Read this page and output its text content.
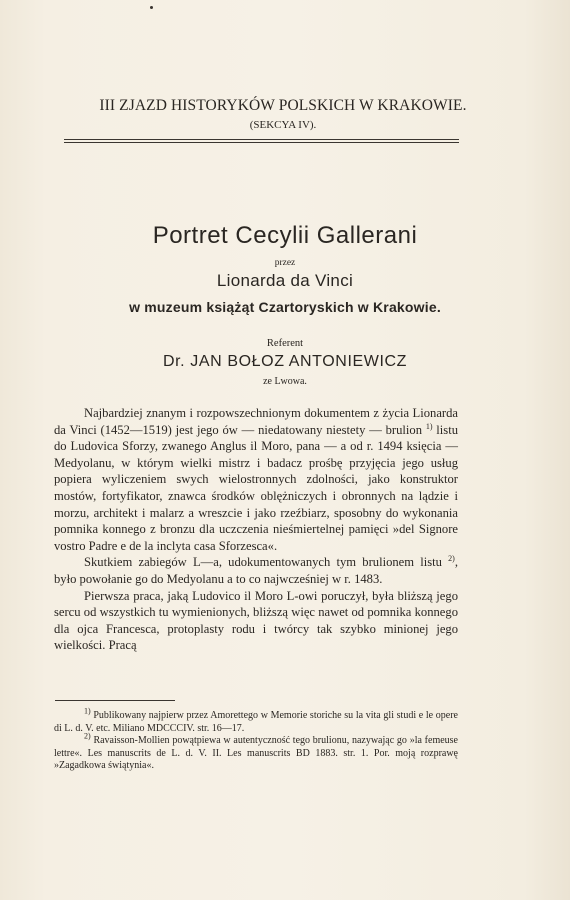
III ZJAZD HISTORYKÓW POLSKICH W KRAKOWIE.
(SEKCYA IV).
Portret Cecylii Gallerani
przez
Lionarda da Vinci
w muzeum książąt Czartoryskich w Krakowie.
Referent
Dr. JAN BOŁOZ ANTONIEWICZ
ze Lwowa.

Najbardziej znanym i rozpowszechnionym dokumentem z życia Lionarda da Vinci (1452—1519) jest jego ów — niedatowany niestety — brulion $^{1)}$ listu do Ludovica Sforzy, zwanego Anglus il Moro, pana — a od r. 1494 księcia —Medyolanu, w którym wielki mistrz i badacz prośbę przyjęcia jego usług popiera wyliczeniem swych wielostronnych zdolności, jako konstruktor mostów, fortyfikator, znawca środków oblężniczych i obronnych na lądzie i morzu, architekt i malarz a wreszcie i jako rzeźbiarz, sposobny do wykonania pomnika konnego z bronzu dla uczczenia nieśmiertelnej pamięci »del Signore vostro Padre e de la inclyta casa Sforzesca«.

Skutkiem zabiegów L—a, udokumentowanych tym brulionem listu $^{2)}$, było powołanie go do Medyolanu a to co najwcześniej w r. 1483.

Pierwsza praca, jaką Ludovico il Moro L-owi poruczył, była bliższą jego sercu od wszystkich tu wymienionych, bliższą więc nawet od pomnika konnego dla ojca Francesca, protoplasty rodu i twórcy tak szybko minionej jego wielkości. Pracą

$^{1)}$ Publikowany najpierw przez Amorettego w Memorie storiche su la vita gli studi e le opere di L. d. V. etc. Miliano MDCCCIV. str. 16—17.

$^{2)}$ Ravaisson-Mollien powątpiewa w autentyczność tego brulionu, nazywając go »la femeuse lettre«. Les manuscrits de L. d. V. II. Les manuscrits BD 1883. str. 1. Por. moją rozprawę »Zagadkowa świątynia«.
